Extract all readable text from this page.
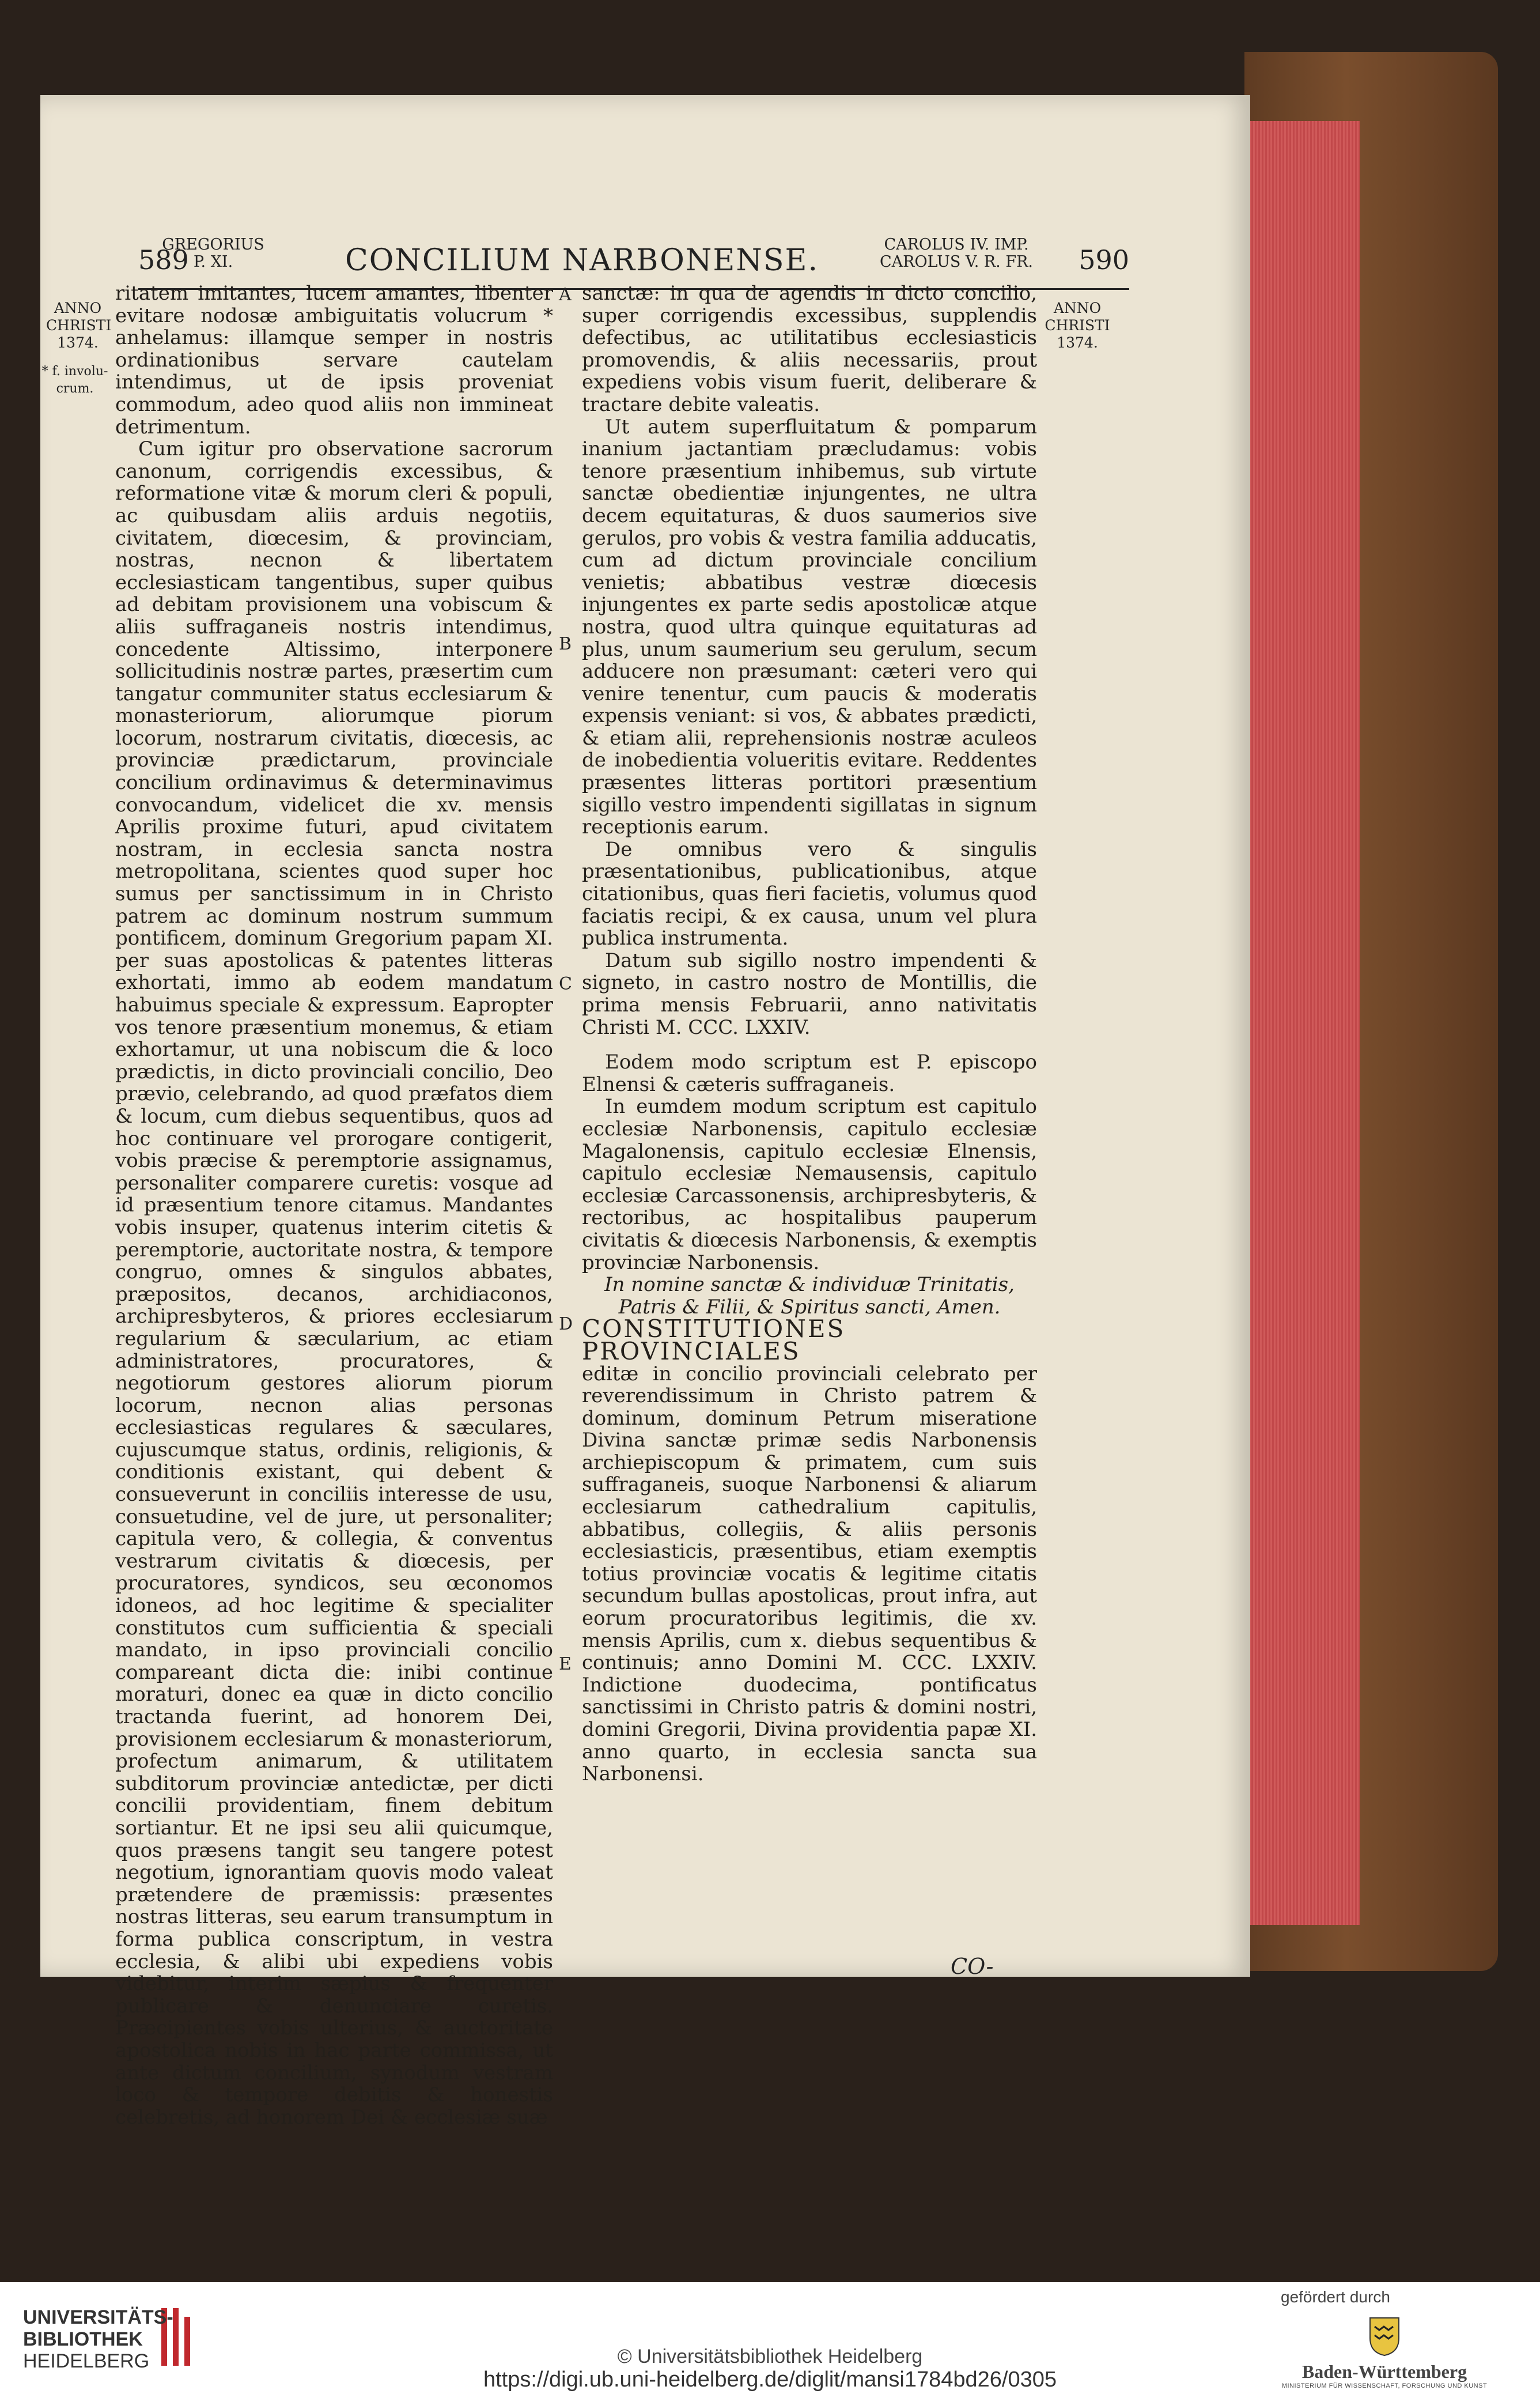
589
GREGORIUS
P. XI.	CONCILIUM NARBONENSE.	CAROLUS IV. IMP.
CAROLUS V. R. FR.	590
ANNO
CHRISTI
1374.
* f. involu-
crum.
ANNO
CHRISTI
1374.
A
B
C
D
E

ritatem imitantes, lucem amantes, libenter evitare nodosæ ambiguitatis volucrum * anhelamus: illamque semper in nostris ordinationibus servare cautelam intendimus, ut de ipsis proveniat commodum, adeo quod aliis non immineat detrimentum.

Cum igitur pro observatione sacrorum canonum, corrigendis excessibus, & reformatione vitæ & morum cleri & populi, ac quibusdam aliis arduis negotiis, civitatem, diœcesim, & provinciam, nostras, necnon & libertatem ecclesiasticam tangentibus, super quibus ad debitam provisionem una vobiscum & aliis suffraganeis nostris intendimus, concedente Altissimo, interponere sollicitudinis nostræ partes, præsertim cum tangatur communiter status ecclesiarum & monasteriorum, aliorumque piorum locorum, nostrarum civitatis, diœcesis, ac provinciæ prædictarum, provinciale concilium ordinavimus & determinavimus convocandum, videlicet die xv. mensis Aprilis proxime futuri, apud civitatem nostram, in ecclesia sancta nostra metropolitana, scientes quod super hoc sumus per sanctissimum in in Christo patrem ac dominum nostrum summum pontificem, dominum Gregorium papam XI. per suas apostolicas & patentes litteras exhortati, immo ab eodem mandatum habuimus speciale & expressum. Eapropter vos tenore præsentium monemus, & etiam exhortamur, ut una nobiscum die & loco prædictis, in dicto provinciali concilio, Deo prævio, celebrando, ad quod præfatos diem & locum, cum diebus sequentibus, quos ad hoc continuare vel prorogare contigerit, vobis præcise & peremptorie assignamus, personaliter comparere curetis: vosque ad id præsentium tenore citamus. Mandantes vobis insuper, quatenus interim citetis & peremptorie, auctoritate nostra, & tempore congruo, omnes & singulos abbates, præpositos, decanos, archidiaconos, archipresbyteros, & priores ecclesiarum regularium & sæcularium, ac etiam administratores, procuratores, & negotiorum gestores aliorum piorum locorum, necnon alias personas ecclesiasticas regulares & sæculares, cujuscumque status, ordinis, religionis, & conditionis existant, qui debent & consueverunt in conciliis interesse de usu, consuetudine, vel de jure, ut personaliter; capitula vero, & collegia, & conventus vestrarum civitatis & diœcesis, per procuratores, syndicos, seu œconomos idoneos, ad hoc legitime & specialiter constitutos cum sufficientia & speciali mandato, in ipso provinciali concilio compareant dicta die: inibi continue moraturi, donec ea quæ in dicto concilio tractanda fuerint, ad honorem Dei, provisionem ecclesiarum & monasteriorum, profectum animarum, & utilitatem subditorum provinciæ antedictæ, per dicti concilii providentiam, finem debitum sortiantur. Et ne ipsi seu alii quicumque, quos præsens tangit seu tangere potest negotium, ignorantiam quovis modo valeat prætendere de præmissis: præsentes nostras litteras, seu earum transumptum in forma publica conscriptum, in vestra ecclesia, & alibi ubi expediens vobis videbitur, interim sæpius & frequenter publicare & denunciare curetis. Præcipientes vobis ulterius, & auctoritate apostolica nobis in hac parte commissa, ut ante dictum concilium, synodum vestram loco & tempore debitis & honestis celebretis, ad honorem Dei & ecclesiæ suæ

sanctæ: in qua de agendis in dicto concilio, super corrigendis excessibus, supplendis defectibus, ac utilitatibus ecclesiasticis promovendis, & aliis necessariis, prout expediens vobis visum fuerit, deliberare & tractare debite valeatis.

Ut autem superfluitatum & pomparum inanium jactantiam præcludamus: vobis tenore præsentium inhibemus, sub virtute sanctæ obedientiæ injungentes, ne ultra decem equitaturas, & duos saumerios sive gerulos, pro vobis & vestra familia adducatis, cum ad dictum provinciale concilium venietis; abbatibus vestræ diœcesis injungentes ex parte sedis apostolicæ atque nostra, quod ultra quinque equitaturas ad plus, unum saumerium seu gerulum, secum adducere non præsumant: cæteri vero qui venire tenentur, cum paucis & moderatis expensis veniant: si vos, & abbates prædicti, & etiam alii, reprehensionis nostræ aculeos de inobedientia volueritis evitare. Reddentes præsentes litteras portitori præsentium sigillo vestro impendenti sigillatas in signum receptionis earum.

De omnibus vero & singulis præsentationibus, publicationibus, atque citationibus, quas fieri facietis, volumus quod faciatis recipi, & ex causa, unum vel plura publica instrumenta.

Datum sub sigillo nostro impendenti & signeto, in castro nostro de Montillis, die prima mensis Februarii, anno nativitatis Christi M. CCC. LXXIV.

Eodem modo scriptum est P. episcopo Elnensi & cæteris suffraganeis.

In eumdem modum scriptum est capitulo ecclesiæ Narbonensis, capitulo ecclesiæ Magalonensis, capitulo ecclesiæ Elnensis, capitulo ecclesiæ Nemausensis, capitulo ecclesiæ Carcassonensis, archipresbyteris, & rectoribus, ac hospitalibus pauperum civitatis & diœcesis Narbonensis, & exemptis provinciæ Narbonensis.

In nomine sanctæ & individuæ Trinitatis, Patris & Filii, & Spiritus sancti, Amen.

CONSTITUTIONES PROVINCIALES

editæ in concilio provinciali celebrato per reverendissimum in Christo patrem & dominum, dominum Petrum miseratione Divina sanctæ primæ sedis Narbonensis archiepiscopum & primatem, cum suis suffraganeis, suoque Narbonensi & aliarum ecclesiarum cathedralium capitulis, abbatibus, collegiis, & aliis personis ecclesiasticis, præsentibus, etiam exemptis totius provinciæ vocatis & legitime citatis secundum bullas apostolicas, prout infra, aut eorum procuratoribus legitimis, die xv. mensis Aprilis, cum x. diebus sequentibus & continuis; anno Domini M. CCC. LXXIV. Indictione duodecima, pontificatus sanctissimi in Christo patris & domini nostri, domini Gregorii, Divina providentia papæ XI. anno quarto, in ecclesia sancta sua Narbonensi.

CO-
UNIVERSITÄTS-
BIBLIOTHEK
HEIDELBERG	© Universitätsbibliothek Heidelberg
https://digi.ub.uni-heidelberg.de/diglit/mansi1784bd26/0305
gefördert durch
Baden-Württemberg
MINISTERIUM FÜR WISSENSCHAFT, FORSCHUNG UND KUNST
